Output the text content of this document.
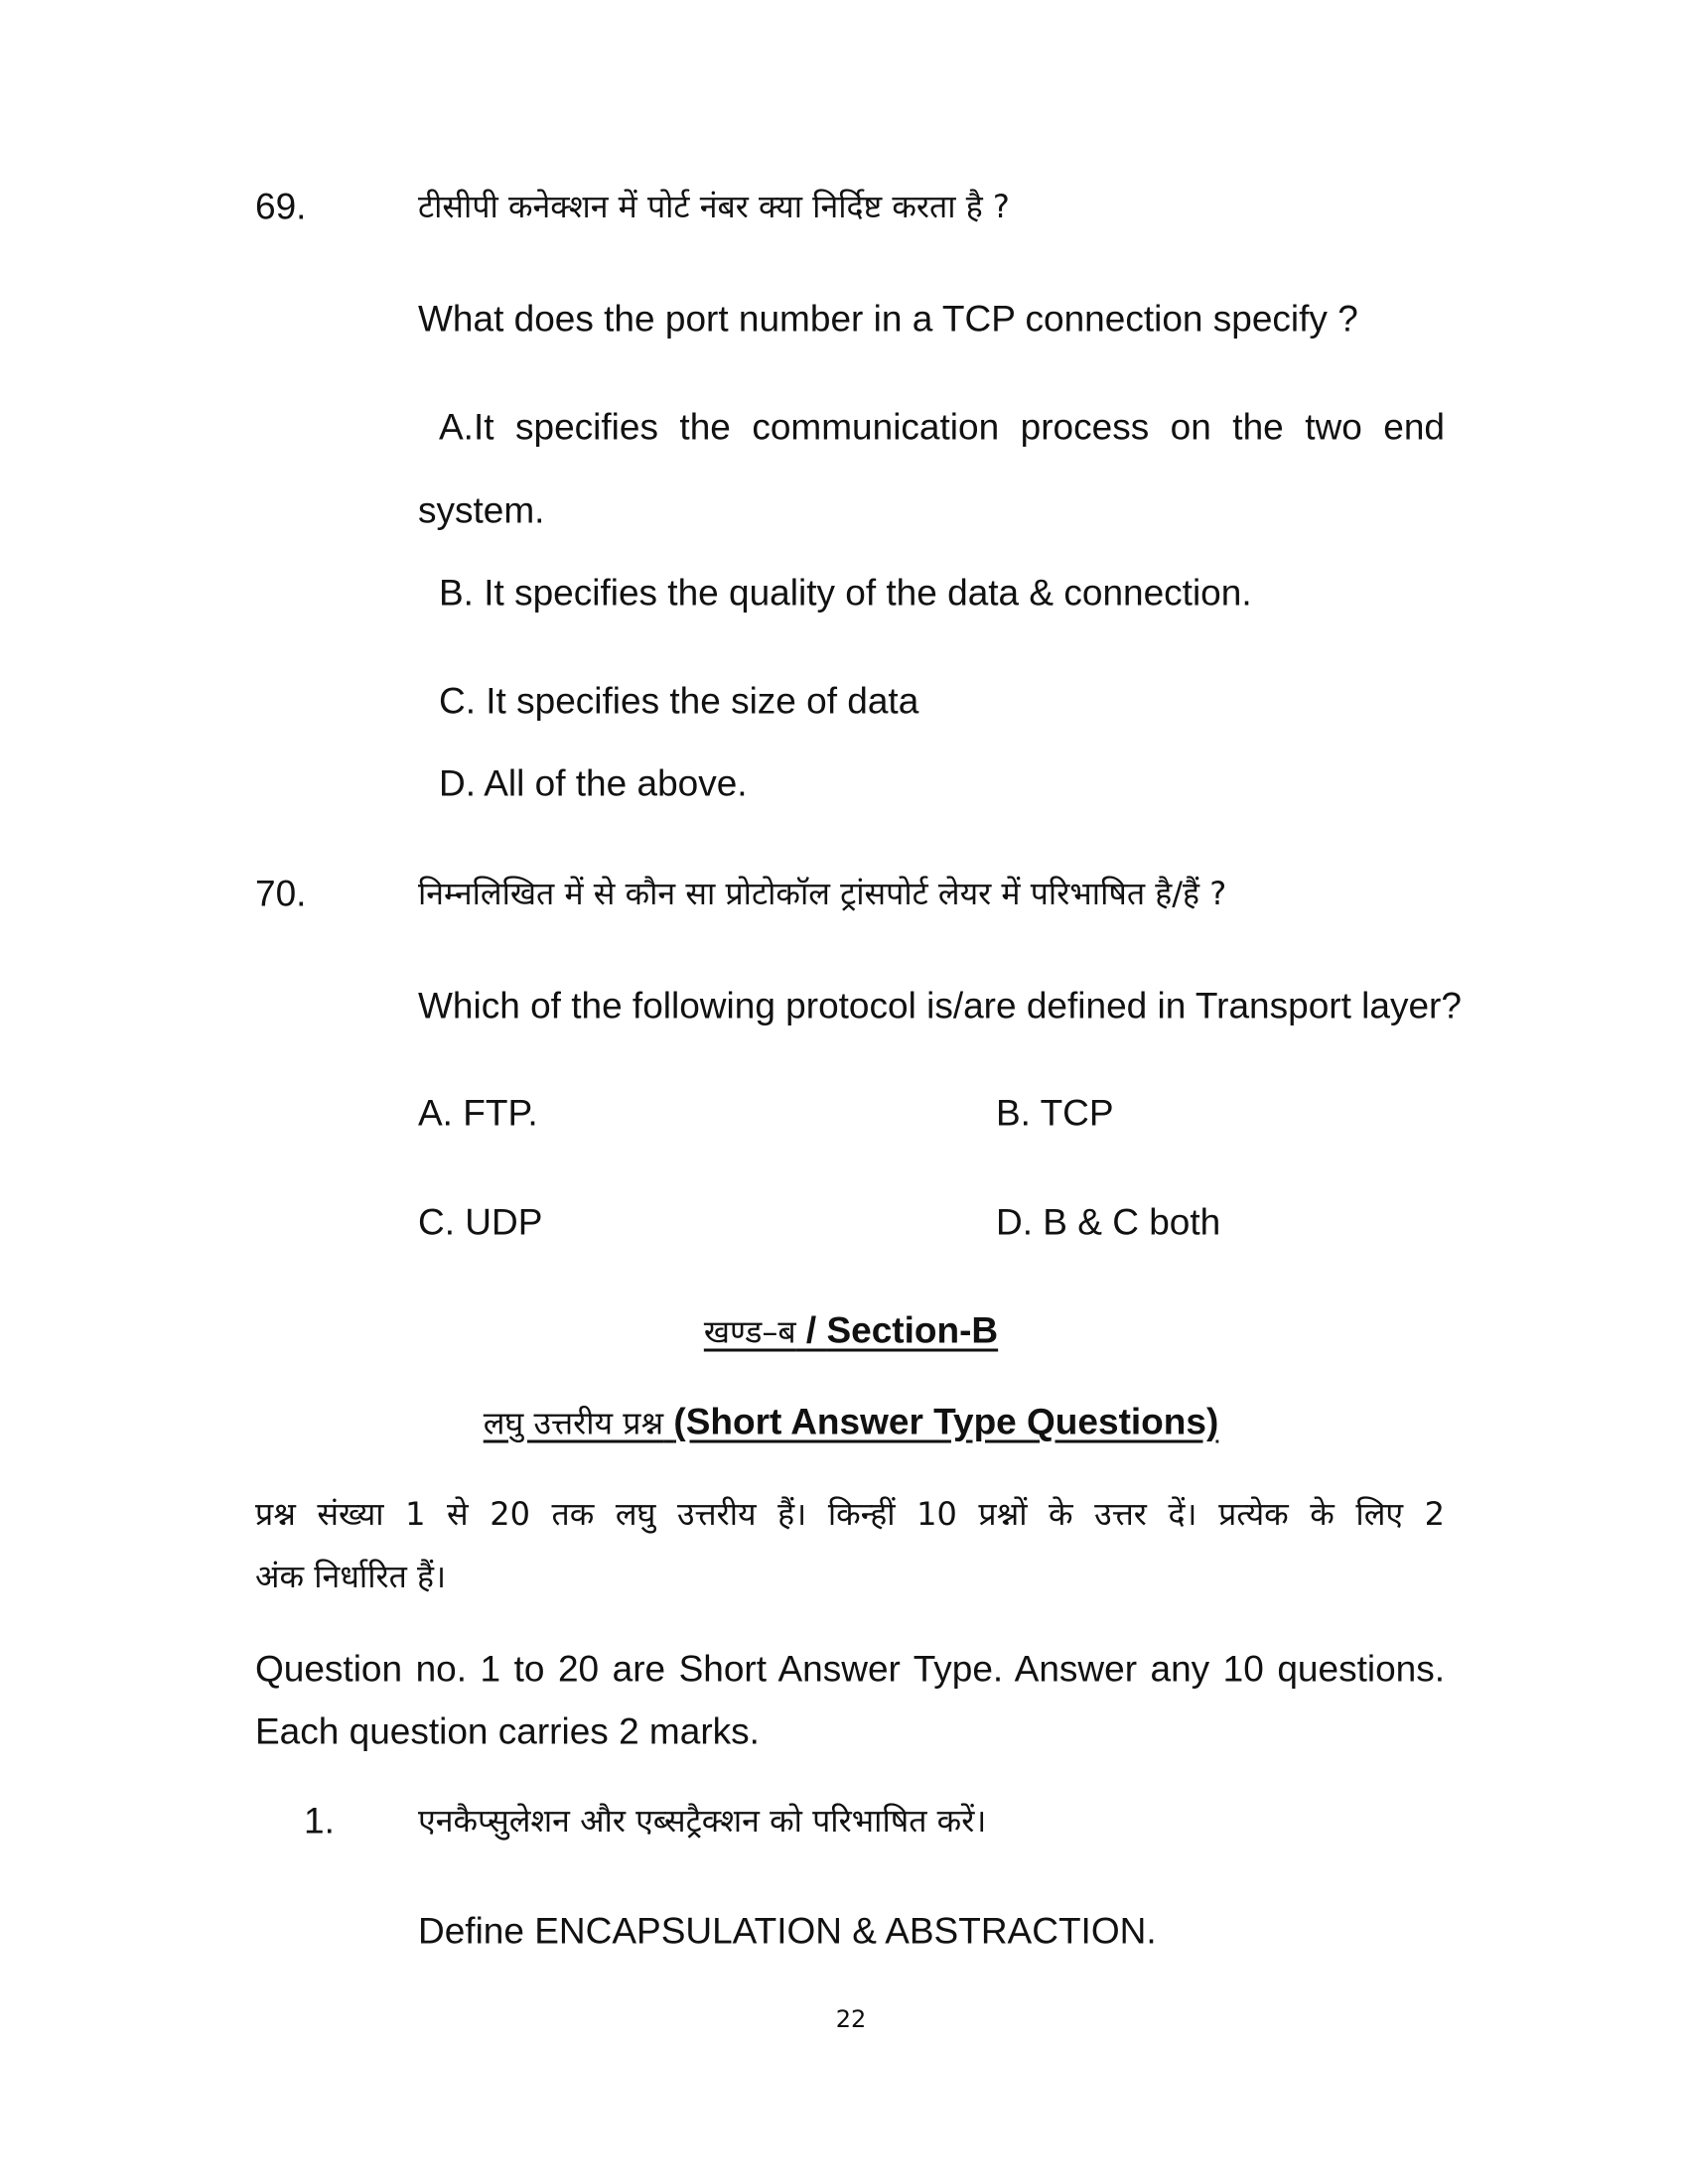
69.	टीसीपी कनेक्शन में पोर्ट नंबर क्या निर्दिष्ट करता है ?
What does the port number in a TCP connection specify ?
A.It specifies the communication process on the two end
system.
B. It specifies the quality of the data & connection.
C. It specifies the size of data
D. All of the above.
70.	निम्नलिखित में से कौन सा प्रोटोकॉल ट्रांसपोर्ट लेयर में परिभाषित है/हैं ?
Which of the following protocol is/are defined in Transport layer?
A. FTP.	B. TCP
C. UDP	D. B & C both
खण्ड–ब / Section-B
लघु उत्तरीय प्रश्न (Short Answer Type Questions)
प्रश्न संख्या 1 से 20 तक लघु उत्तरीय हैं। किन्हीं 10 प्रश्नों के उत्तर दें। प्रत्येक के लिए 2
अंक निर्धारित हैं।
Question no. 1 to 20 are Short Answer Type. Answer any 10 questions.
Each question carries 2 marks.
1.	एनकैप्सुलेशन और एब्सट्रैक्शन को परिभाषित करें।
Define ENCAPSULATION & ABSTRACTION.
22
